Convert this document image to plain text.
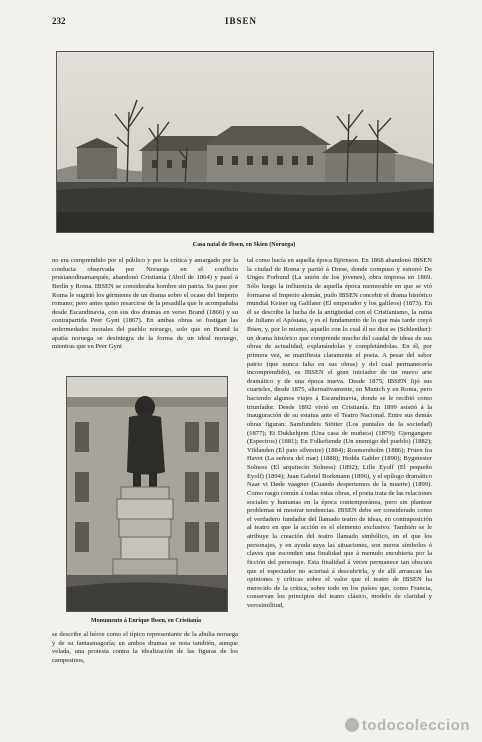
232	IBSEN
Casa natal de Ibsen, en Skien (Noruega)
no era comprendido por el público y por la crítica y amargado por la conducta observada por Noruega en el conflicto prusianodinamarqués, abandonó Cristianía (Abril de 1864) y pasó á Berlín y Roma. IBSEN se consideraba hombre sin patria. Su paso por Roma le sugirió los gérmenes de un drama sobre el ocaso del Imperio romano; pero antes quiso resarcirse de la pesadilla que le acompañaba desde Escandinavia, con sus dos dramas en verso Brand (1866) y su contrapartida Peer Gynt (1867). En ambas obras se fustigan las enfermedades morales del pueblo noruego, solo que en Brand la apatía noruega se desintegra de la forma de un ideal noruego, mientras que en Peer Gynt
Monumento á Enrique Ibsen, en Cristianía
se describe al héroe como el típico representante de la abulia noruega y de su fantasmagoría; en ambos dramas se nota también, aunque velada, una protesta contra la idealización de las figuras de los campesinos,
tal como hacía en aquella época Björnson. En 1868 abandonó IBSEN la ciudad de Roma y partió á Drese, donde compuso y estrenó De Unges Forbund (La unión de los jóvenes), obra impresa en 1869. Sólo luego la influencia de aquella época memorable en que se vió formarse el Imperio alemán, pudo IBSEN concebir el drama histórico mundial Keiser og Galilæer (El emperador y los galileos) (1873). En él se describe la lucha de la antigüedad con el Cristianismo, la ruina de Juliano el Apóstata, y es el fundamento de lo que más tarde creyó Ibsen, y, por lo mismo, aquello con lo cual él no dice es (Schlenther): un drama histórico que comprende mucho del caudal de ideas de sus obras de actualidad, explanándolas y completándolas. En él, por primera vez, se manifiesta claramente el poeta. A pesar del sabor patrio (que nunca falta en sus obras) y del cual permanecería incomprendido), es IBSEN el gran iniciador de un nuevo arte dramático y de una época nueva. Desde 1875, IBSEN fijó sus cuarteles, desde 1875, alternativamente, en Munich y en Roma, pero haciendo algunos viajes á Escandinavia, donde se le recibió como triunfador. Desde 1892 vivió en Cristianía. En 1899 asistió á la inauguración de su estatua ante el Teatro Nacional. Entre sus demás obras figuran: Samfundets Stötter (Los puntales de la sociedad) (1877); Et Dukkehjem (Una casa de muñeca) (1879); Gjengangere (Espectros) (1881); En Folkefiende (Un enemigo del pueblo) (1882); Vildanden (El pato silvestre) (1884); Rosmersholm (1886); Fruen fra Havet (La señora del mar) (1888); Hedda Gabler (1890); Bygmester Solness (El arquitecto Solness) (1892); Lille Eyolf (El pequeño Eyolf) (1894); Juan Gabriel Borkmann (1896), y el epílogo dramático Naar vi Døde vaagner (Cuando despertemos de la muerte) (1899). Como rasgo común á todas estas obras, el poeta trata de las relaciones sociales y humanas en la época contemporánea, pero sin plantear problemas ni mostrar tendencias. IBSEN debe ser considerado como el verdadero fundador del llamado teatro de ideas, en contraposición al teatro en que la acción es el elemento exclusivo. También se le atribuye la creación del teatro llamado simbólico, en el que los personajes, y en ayuda suya las situaciones, son meros símbolos ó claves que esconden una finalidad que á menudo encubierta por la ficción del personaje. Esta finalidad á veces permanece tan obscura que el espectador no aciertaá á descubrirla, y de allí arrancan las opiniones y críticas sobre el valor que el teatro de IBSEN ha merecido de la crítica, sobre todo en los países que, como Francia, conservan los principios del teatro clásico, modelo de claridad y verosimilitud,
todocoleccion
